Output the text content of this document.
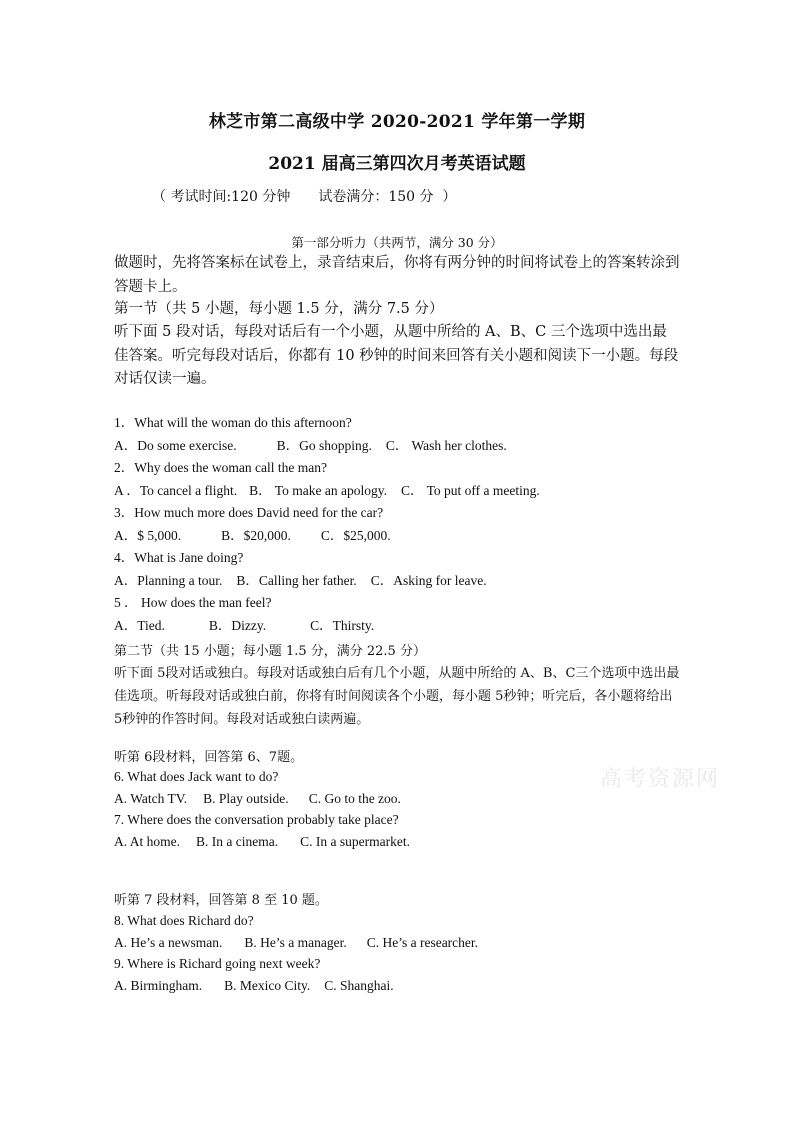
林芝市第二高级中学 2020-2021 学年第一学期
2021 届高三第四次月考英语试题
（ 考试时间:120 分钟 试卷满分：150 分  ）
第一部分听力（共两节，满分 30 分）
做题时，先将答案标在试卷上，录音结束后，你将有两分钟的时间将试卷上的答案转涂到答题卡上。
第一节（共 5 小题，每小题 1.5 分，满分 7.5 分）
听下面 5 段对话，每段对话后有一个小题，从题中所给的 A、B、C 三个选项中选出最佳答案。听完每段对话后，你都有 10 秒钟的时间来回答有关小题和阅读下一小题。每段对话仅读一遍。
1．What will the woman do this afternoon?
A．Do some exercise.	B．Go shopping. C． Wash her clothes.
2．Why does the woman call the man?
A ．To cancel a flight. B． To make an apology. C． To put off a meeting.
3．How much more does David need for the car?
A．$ 5,000.	B．$20,000. C．$25,000.
4．What is Jane doing?
A．Planning a tour. B．Calling her father. C．Asking for leave.
5 ． How does the man feel?
A．Tied.	B．Dizzy.	C．Thirsty.
第二节（共 15 小题；每小题 1.5 分，满分 22.5 分）
听下面 5段对话或独白。每段对话或独白后有几个小题，从题中所给的 A、B、C三个选项中选出最佳选项。听每段对话或独白前，你将有时间阅读各个小题，每小题 5秒钟；听完后，各小题将给出 5秒钟的作答时间。每段对话或独白读两遍。
听第 6段材料，回答第 6、7题。
6. What does Jack want to do?
A. Watch TV. B. Play outside. C. Go to the zoo.
7. Where does the conversation probably take place?
A. At home. B. In a cinema. C. In a supermarket.
听第 7 段材料，回答第 8 至 10 题。
8. What does Richard do?
A. He’s a newsman. B. He’s a manager. C. He’s a researcher.
9. Where is Richard going next week?
A. Birmingham. B. Mexico City. C. Shanghai.
高考资源网
